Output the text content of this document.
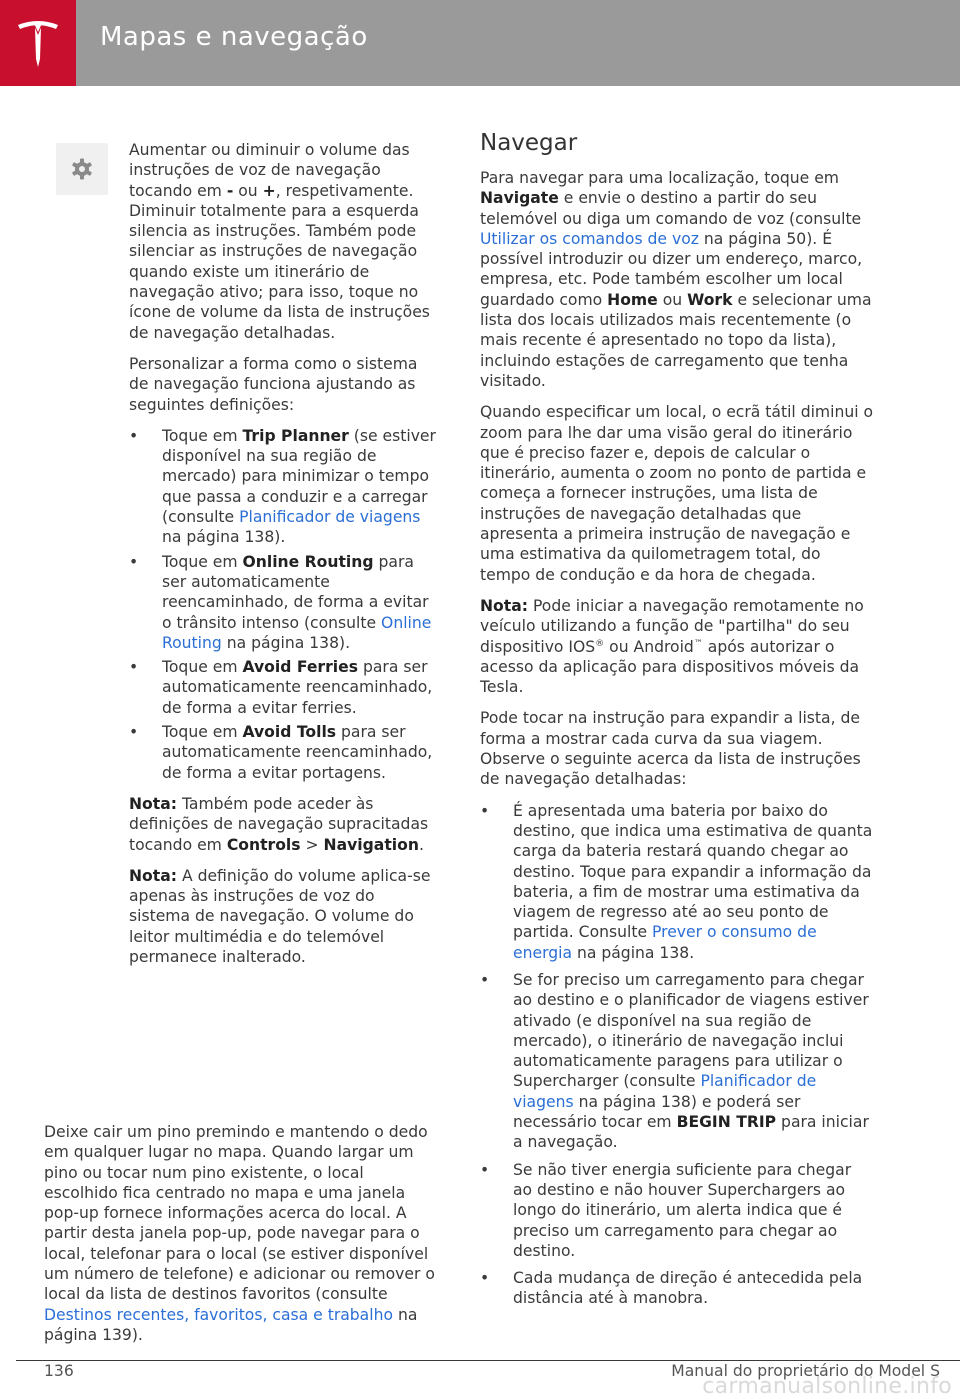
Mapas e navegação

Aumentar ou diminuir o volume das instruções de voz de navegação tocando em - ou +, respetivamente. Diminuir totalmente para a esquerda silencia as instruções. Também pode silenciar as instruções de navegação quando existe um itinerário de navegação ativo; para isso, toque no ícone de volume da lista de instruções de navegação detalhadas.

Personalizar a forma como o sistema de navegação funciona ajustando as seguintes definições:

• Toque em Trip Planner (se estiver disponível na sua região de mercado) para minimizar o tempo que passa a conduzir e a carregar (consulte Planificador de viagens na página 138).
• Toque em Online Routing para ser automaticamente reencaminhado, de forma a evitar o trânsito intenso (consulte Online Routing na página 138).
• Toque em Avoid Ferries para ser automaticamente reencaminhado, de forma a evitar ferries.
• Toque em Avoid Tolls para ser automaticamente reencaminhado, de forma a evitar portagens.

Nota: Também pode aceder às definições de navegação supracitadas tocando em Controls > Navigation.

Nota: A definição do volume aplica-se apenas às instruções de voz do sistema de navegação. O volume do leitor multimédia e do telemóvel permanece inalterado.

Deixe cair um pino premindo e mantendo o dedo em qualquer lugar no mapa. Quando largar um pino ou tocar num pino existente, o local escolhido fica centrado no mapa e uma janela pop-up fornece informações acerca do local. A partir desta janela pop-up, pode navegar para o local, telefonar para o local (se estiver disponível um número de telefone) e adicionar ou remover o local da lista de destinos favoritos (consulte Destinos recentes, favoritos, casa e trabalho na página 139).

Navegar

Para navegar para uma localização, toque em Navigate e envie o destino a partir do seu telemóvel ou diga um comando de voz (consulte Utilizar os comandos de voz na página 50). É possível introduzir ou dizer um endereço, marco, empresa, etc. Pode também escolher um local guardado como Home ou Work e selecionar uma lista dos locais utilizados mais recentemente (o mais recente é apresentado no topo da lista), incluindo estações de carregamento que tenha visitado.

Quando especificar um local, o ecrã tátil diminui o zoom para lhe dar uma visão geral do itinerário que é preciso fazer e, depois de calcular o itinerário, aumenta o zoom no ponto de partida e começa a fornecer instruções, uma lista de instruções de navegação detalhadas que apresenta a primeira instrução de navegação e uma estimativa da quilometragem total, do tempo de condução e da hora de chegada.

Nota: Pode iniciar a navegação remotamente no veículo utilizando a função de "partilha" do seu dispositivo IOS® ou Android™ após autorizar o acesso da aplicação para dispositivos móveis da Tesla.

Pode tocar na instrução para expandir a lista, de forma a mostrar cada curva da sua viagem. Observe o seguinte acerca da lista de instruções de navegação detalhadas:

• É apresentada uma bateria por baixo do destino, que indica uma estimativa de quanta carga da bateria restará quando chegar ao destino. Toque para expandir a informação da bateria, a fim de mostrar uma estimativa da viagem de regresso até ao seu ponto de partida. Consulte Prever o consumo de energia na página 138.
• Se for preciso um carregamento para chegar ao destino e o planificador de viagens estiver ativado (e disponível na sua região de mercado), o itinerário de navegação inclui automaticamente paragens para utilizar o Supercharger (consulte Planificador de viagens na página 138) e poderá ser necessário tocar em BEGIN TRIP para iniciar a navegação.
• Se não tiver energia suficiente para chegar ao destino e não houver Superchargers ao longo do itinerário, um alerta indica que é preciso um carregamento para chegar ao destino.
• Cada mudança de direção é antecedida pela distância até à manobra.
136	Manual do proprietário do Model S
carmanualsonline.info
